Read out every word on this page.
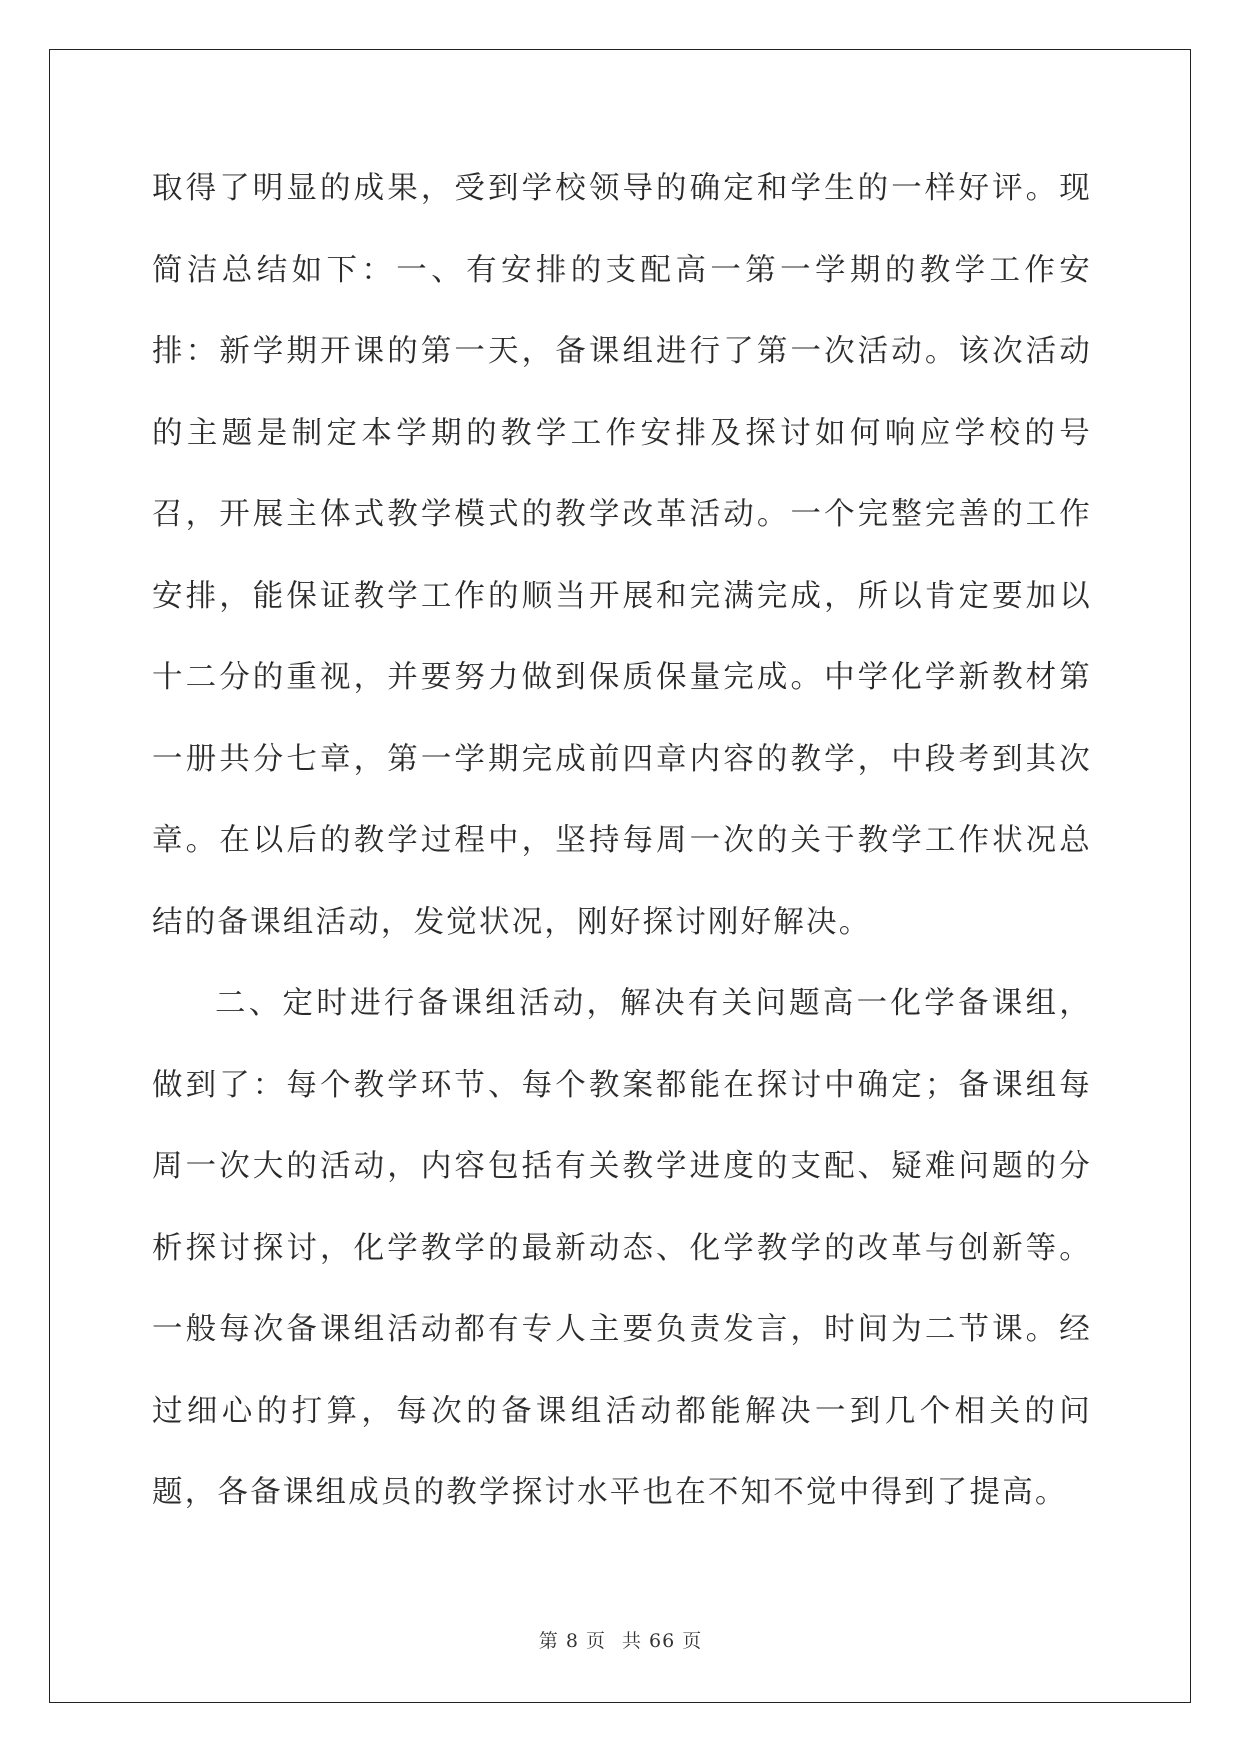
取得了明显的成果，受到学校领导的确定和学生的一样好评。现简洁总结如下：一、有安排的支配高一第一学期的教学工作安排：新学期开课的第一天，备课组进行了第一次活动。该次活动的主题是制定本学期的教学工作安排及探讨如何响应学校的号召，开展主体式教学模式的教学改革活动。一个完整完善的工作安排，能保证教学工作的顺当开展和完满完成，所以肯定要加以十二分的重视，并要努力做到保质保量完成。中学化学新教材第一册共分七章，第一学期完成前四章内容的教学，中段考到其次章。在以后的教学过程中，坚持每周一次的关于教学工作状况总结的备课组活动，发觉状况，刚好探讨刚好解决。

二、定时进行备课组活动，解决有关问题高一化学备课组，做到了：每个教学环节、每个教案都能在探讨中确定；备课组每周一次大的活动，内容包括有关教学进度的支配、疑难问题的分析探讨探讨，化学教学的最新动态、化学教学的改革与创新等。一般每次备课组活动都有专人主要负责发言，时间为二节课。经过细心的打算，每次的备课组活动都能解决一到几个相关的问题，各备课组成员的教学探讨水平也在不知不觉中得到了提高。

第 8 页 共 66 页
